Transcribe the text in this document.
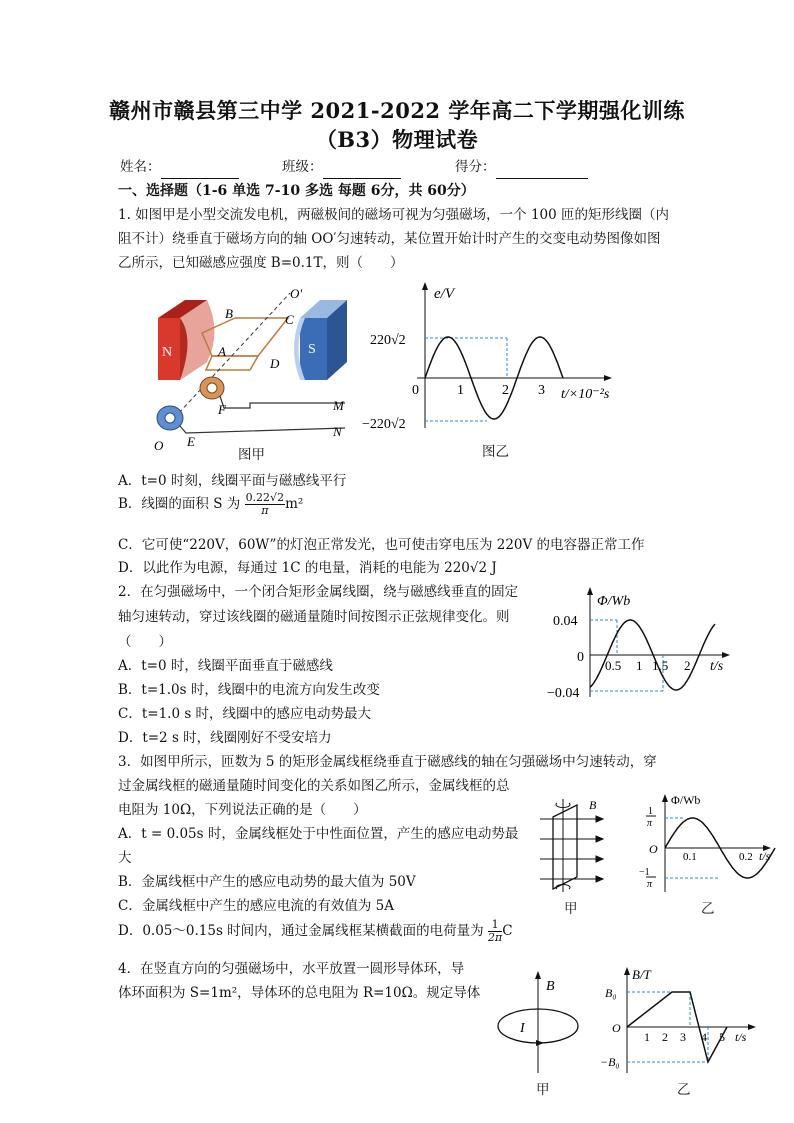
赣州市赣县第三中学 2021-2022 学年高二下学期强化训练
（B3）物理试卷
姓名：	班级：	得分：
一、选择题（1-6 单选 7-10 多选 每题 6分，共 60分）
1. 如图甲是小型交流发电机，两磁极间的磁场可视为匀强磁场，一个 100 匝的矩形线圈（内
阻不计）绕垂直于磁场方向的轴 OO′匀速转动，某位置开始计时产生的交变电动势图像如图
乙所示，已知磁感应强度 B=0.1T，则（　　）
N	S
B
A
C
D
F
E
M
N
O
O′
图甲
e/V
220√2
−220√2
0	1	2 3 t/×10⁻²s
图乙
A．t=0 时刻，线圈平面与磁感线平行
B．线圈的面积 S 为 $\frac{0.22√2}{\pi} m^2$
C．它可使“220V，60W”的灯泡正常发光，也可使击穿电压为 220V 的电容器正常工作
D．以此作为电源，每通过 1C 的电量，消耗的电能为 220√2 J
2．在匀强磁场中，一个闭合矩形金属线圈，绕与磁感线垂直的固定
轴匀速转动，穿过该线圈的磁通量随时间按图示正弦规律变化。则
（　　）
A．t=0 时，线圈平面垂直于磁感线
B．t=1.0s 时，线圈中的电流方向发生改变
C．t=1.0 s 时，线圈中的感应电动势最大
D．t=2 s 时，线圈刚好不受安培力
Φ/Wb
0.04
−0.04
0
0.5 1 1.5 2 t/s
3．如图甲所示，匝数为 5 的矩形金属线框绕垂直于磁感线的轴在匀强磁场中匀速转动，穿
过金属线框的磁通量随时间变化的关系如图乙所示，金属线框的总
电阻为 10Ω，下列说法正确的是（　　）
A．t = 0.05s 时，金属线框处于中性面位置，产生的感应电动势最
大
B．金属线框中产生的感应电动势的最大值为 50V
C．金属线框中产生的感应电流的有效值为 5A
D．0.05～0.15s 时间内，通过金属线框某横截面的电荷量为 $\frac{1}{2\pi}$ C
B
甲
Φ/Wb
1
π
O
−1
π
0.1	0.2 t/s
乙
4．在竖直方向的匀强磁场中，水平放置一圆形导体环，导
体环面积为 S=1m²，导体环的总电阻为 R=10Ω。规定导体	B
I
甲
B/T
B₀
O
−B₀
1 2 3 4 5 t/s
乙
